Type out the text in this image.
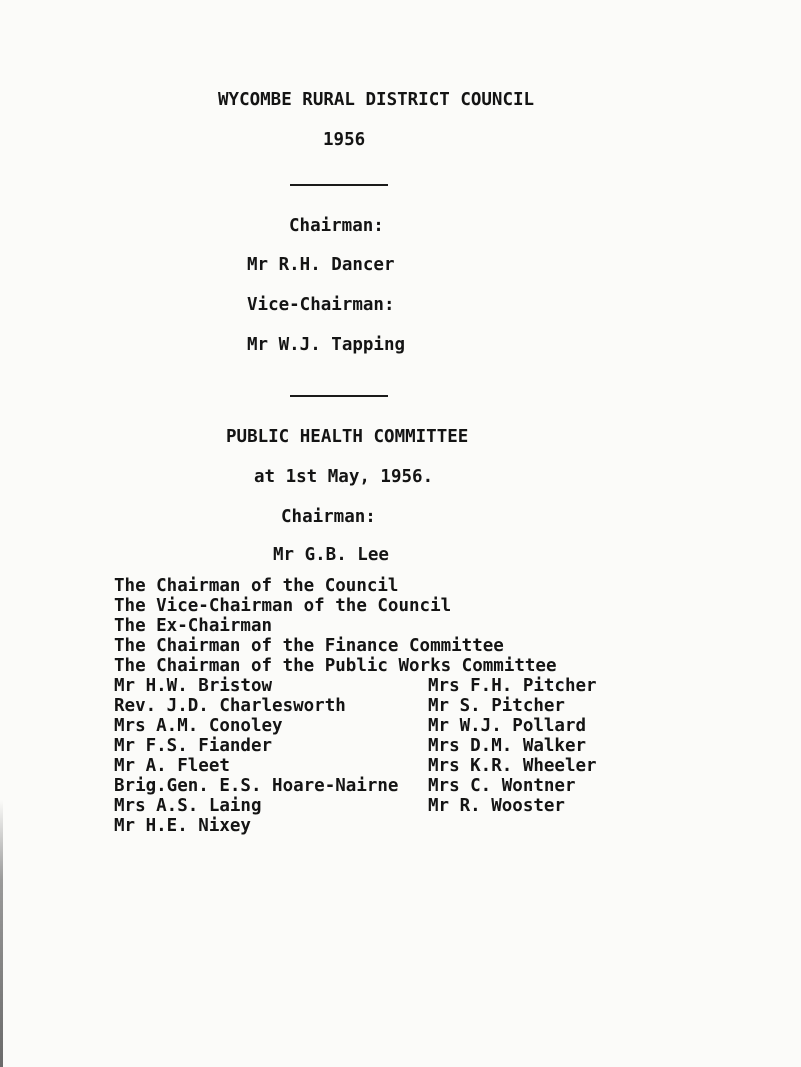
WYCOMBE RURAL DISTRICT COUNCIL

1956

Chairman:

Mr R.H. Dancer

Vice-Chairman:

Mr W.J. Tapping

PUBLIC HEALTH COMMITTEE

at 1st May, 1956.

Chairman:

Mr G.B. Lee

The Chairman of the Council
The Vice-Chairman of the Council
The Ex-Chairman
The Chairman of the Finance Committee
The Chairman of the Public Works Committee
Mr H.W. Bristow
Rev. J.D. Charlesworth
Mrs A.M. Conoley
Mr F.S. Fiander
Mr A. Fleet
Brig.Gen. E.S. Hoare-Nairne
Mrs A.S. Laing
Mr H.E. Nixey
Mrs F.H. Pitcher
Mr S. Pitcher
Mr W.J. Pollard
Mrs D.M. Walker
Mrs K.R. Wheeler
Mrs C. Wontner
Mr R. Wooster
